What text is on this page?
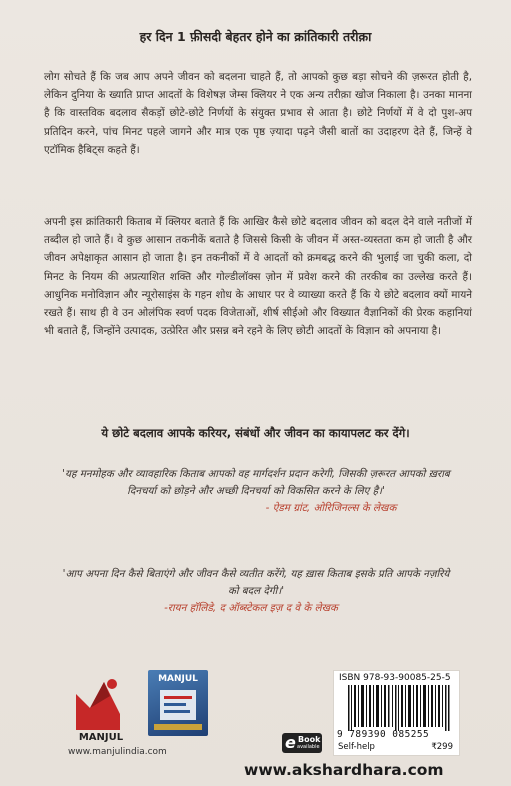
हर दिन 1 फ़ीसदी बेहतर होने का क्रांतिकारी तरीक़ा
लोग सोचते हैं कि जब आप अपने जीवन को बदलना चाहते हैं, तो आपको कुछ बड़ा सोचने की ज़रूरत होती है, लेकिन दुनिया के ख्याति प्राप्त आदतों के विशेषज्ञ जेम्स क्लियर ने एक अन्य तरीक़ा खोज निकाला है। उनका मानना है कि वास्तविक बदलाव सैकड़ों छोटे-छोटे निर्णयों के संयुक्त प्रभाव से आता है। छोटे निर्णयों में वे दो पुश-अप प्रतिदिन करने, पांच मिनट पहले जागने और मात्र एक पृष्ठ ज़्यादा पढ़ने जैसी बातों का उदाहरण देते हैं, जिन्हें वे एटॉमिक हैबिट्स कहते हैं।
अपनी इस क्रांतिकारी किताब में क्लियर बताते हैं कि आखिर कैसे छोटे बदलाव जीवन को बदल देने वाले नतीजों में तब्दील हो जाते हैं। वे कुछ आसान तकनीकें बताते है जिससे किसी के जीवन में अस्त-व्यस्तता कम हो जाती है और जीवन अपेक्षाकृत आसान हो जाता है। इन तकनीकों में वे आदतों को क्रमबद्ध करने की भुलाई जा चुकी कला, दो मिनट के नियम की अप्रत्याशित शक्ति और गोल्डीलॉक्स ज़ोन में प्रवेश करने की तरकीब का उल्लेख करते हैं। आधुनिक मनोविज्ञान और न्यूरोसाइंस के गहन शोध के आधार पर वे व्याख्या करते हैं कि ये छोटे बदलाव क्यों मायने रखते हैं। साथ ही वे उन ओलंपिक स्वर्ण पदक विजेताओं, शीर्ष सीईओ और विख्यात वैज्ञानिकों की प्रेरक कहानियां भी बताते हैं, जिन्होंने उत्पादक, उत्प्रेरित और प्रसन्न बने रहने के लिए छोटी आदतों के विज्ञान को अपनाया है।
ये छोटे बदलाव आपके करियर, संबंधों और जीवन का कायापलट कर देंगे।
'यह मनमोहक और व्यावहारिक किताब आपको वह मार्गदर्शन प्रदान करेगी, जिसकी ज़रूरत आपको ख़राब दिनचर्या को छोड़ने और अच्छी दिनचर्या को विकसित करने के लिए है।'
- ऐडम ग्रांट, ओरिजिनल्स के लेखक
'आप अपना दिन कैसे बिताएंगे और जीवन कैसे व्यतीत करेंगे, यह ख़ास किताब इसके प्रति आपके नज़रिये को बदल देगी।'
-रायन हॉलिडे, द ऑब्स्टेकल इज़ द वे के लेखक
MANJUL
MANJUL
www.manjulindia.com	e Book
available
ISBN 978-93-90085-25-5
9 789390 085255
Self-help	₹299
www.akshardhara.com
